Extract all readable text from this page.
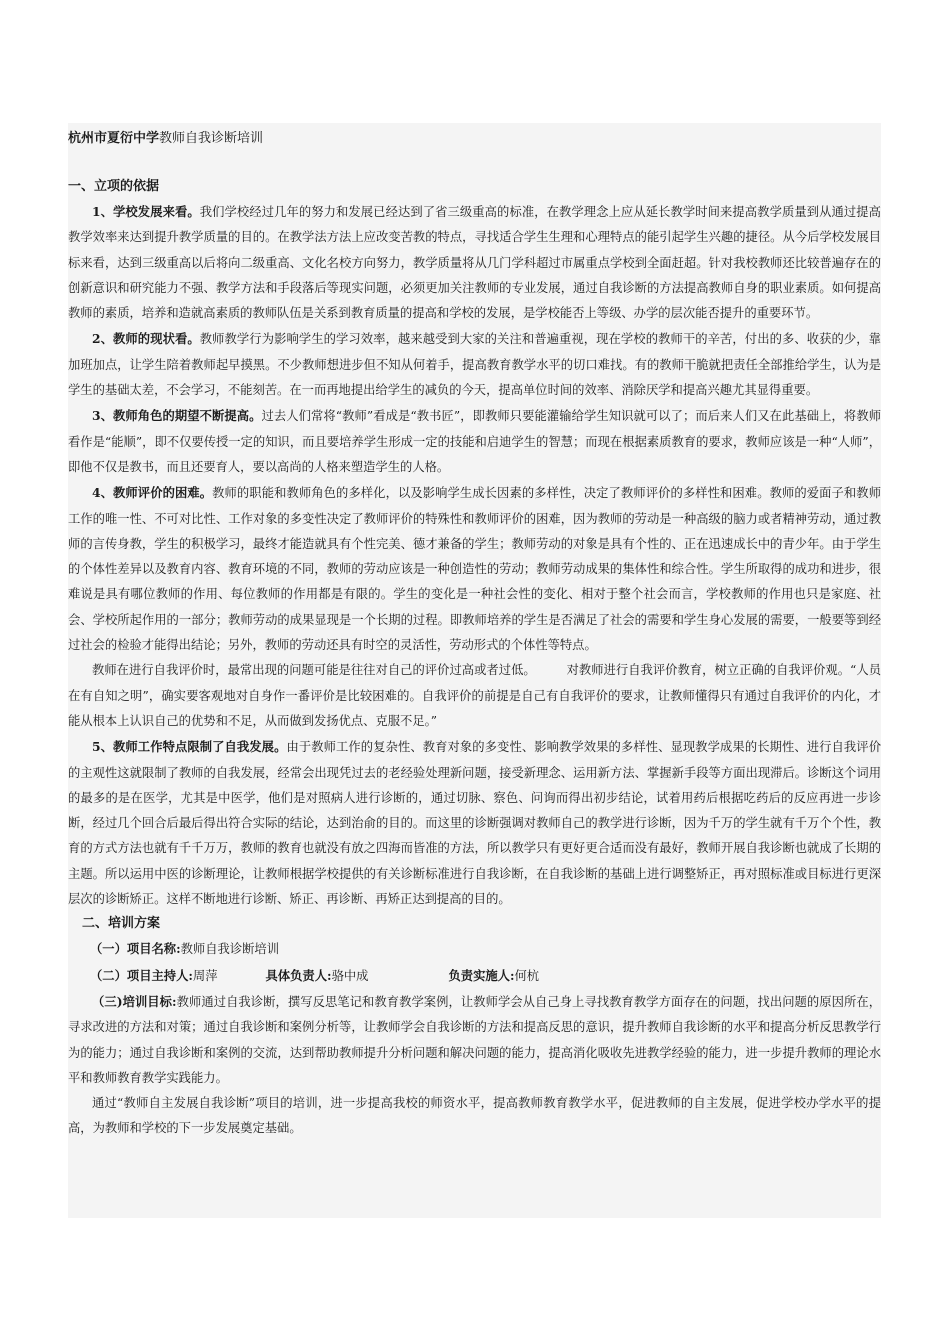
杭州市夏衍中学教师自我诊断培训

一、立项的依据

1、学校发展来看。我们学校经过几年的努力和发展已经达到了省三级重高的标准，在教学理念上应从延长教学时间来提高教学质量到从通过提高教学效率来达到提升教学质量的目的。在教学法方法上应改变苦教的特点，寻找适合学生生理和心理特点的能引起学生兴趣的捷径。从今后学校发展目标来看，达到三级重高以后将向二级重高、文化名校方向努力，教学质量将从几门学科超过市属重点学校到全面赶超。针对我校教师还比较普遍存在的创新意识和研究能力不强、教学方法和手段落后等现实问题，必须更加关注教师的专业发展，通过自我诊断的方法提高教师自身的职业素质。如何提高教师的素质，培养和造就高素质的教师队伍是关系到教育质量的提高和学校的发展，是学校能否上等级、办学的层次能否提升的重要环节。

2、教师的现状看。教师教学行为影响学生的学习效率，越来越受到大家的关注和普遍重视，现在学校的教师干的辛苦，付出的多、收获的少，靠加班加点，让学生陪着教师起早摸黑。不少教师想进步但不知从何着手，提高教育教学水平的切口难找。有的教师干脆就把责任全部推给学生，认为是学生的基础太差，不会学习，不能刻苦。在一而再地提出给学生的减负的今天，提高单位时间的效率、消除厌学和提高兴趣尤其显得重要。

3、教师角色的期望不断提高。过去人们常将“教师”看成是“教书匠”，即教师只要能灌输给学生知识就可以了；而后来人们又在此基础上，将教师看作是“能顺”，即不仅要传授一定的知识，而且要培养学生形成一定的技能和启迪学生的智慧；而现在根据素质教育的要求，教师应该是一种“人师”，即他不仅是教书，而且还要育人，要以高尚的人格来塑造学生的人格。

4、教师评价的困难。教师的职能和教师角色的多样化，以及影响学生成长因素的多样性，决定了教师评价的多样性和困难。教师的爱面子和教师工作的唯一性、不可对比性、工作对象的多变性决定了教师评价的特殊性和教师评价的困难，因为教师的劳动是一种高级的脑力或者精神劳动，通过教师的言传身教，学生的积极学习，最终才能造就具有个性完美、德才兼备的学生；教师劳动的对象是具有个性的、正在迅速成长中的青少年。由于学生的个体性差异以及教育内容、教育环境的不同，教师的劳动应该是一种创造性的劳动；教师劳动成果的集体性和综合性。学生所取得的成功和进步，很难说是具有哪位教师的作用、每位教师的作用都是有限的。学生的变化是一种社会性的变化、相对于整个社会而言，学校教师的作用也只是家庭、社会、学校所起作用的一部分；教师劳动的成果显现是一个长期的过程。即教师培养的学生是否满足了社会的需要和学生身心发展的需要，一般要等到经过社会的检验才能得出结论；另外，教师的劳动还具有时空的灵活性，劳动形式的个体性等特点。

教师在进行自我评价时，最常出现的问题可能是往往对自己的评价过高或者过低。　　　对教师进行自我评价教育，树立正确的自我评价观。“人员在有自知之明”，确实要客观地对自身作一番评价是比较困难的。自我评价的前提是自己有自我评价的要求，让教师懂得只有通过自我评价的内化，才能从根本上认识自己的优势和不足，从而做到发扬优点、克服不足。”

5、教师工作特点限制了自我发展。由于教师工作的复杂性、教育对象的多变性、影响教学效果的多样性、显现教学成果的长期性、进行自我评价的主观性这就限制了教师的自我发展，经常会出现凭过去的老经验处理新问题，接受新理念、运用新方法、掌握新手段等方面出现滞后。诊断这个词用的最多的是在医学，尤其是中医学，他们是对照病人进行诊断的，通过切脉、察色、问询而得出初步结论，试着用药后根据吃药后的反应再进一步诊断，经过几个回合后最后得出符合实际的结论，达到治俞的目的。而这里的诊断强调对教师自己的教学进行诊断，因为千万的学生就有千万个个性，教育的方式方法也就有千千万万，教师的教育也就没有放之四海而皆准的方法，所以教学只有更好更合适而没有最好，教师开展自我诊断也就成了长期的主题。所以运用中医的诊断理论，让教师根据学校提供的有关诊断标准进行自我诊断，在自我诊断的基础上进行调整矫正，再对照标准或目标进行更深层次的诊断矫正。这样不断地进行诊断、矫正、再诊断、再矫正达到提高的目的。

二、培训方案

（一）项目名称:教师自我诊断培训

（二）项目主持人:周萍	具体负责人:骆中成	负责实施人:何杭

（三)培训目标:教师通过自我诊断，撰写反思笔记和教育教学案例，让教师学会从自己身上寻找教育教学方面存在的问题，找出问题的原因所在，寻求改进的方法和对策；通过自我诊断和案例分析等，让教师学会自我诊断的方法和提高反思的意识，提升教师自我诊断的水平和提高分析反思教学行为的能力；通过自我诊断和案例的交流，达到帮助教师提升分析问题和解决问题的能力，提高消化吸收先进教学经验的能力，进一步提升教师的理论水平和教师教育教学实践能力。

通过“教师自主发展自我诊断”项目的培训，进一步提高我校的师资水平，提高教师教育教学水平，促进教师的自主发展，促进学校办学水平的提高，为教师和学校的下一步发展奠定基础。
